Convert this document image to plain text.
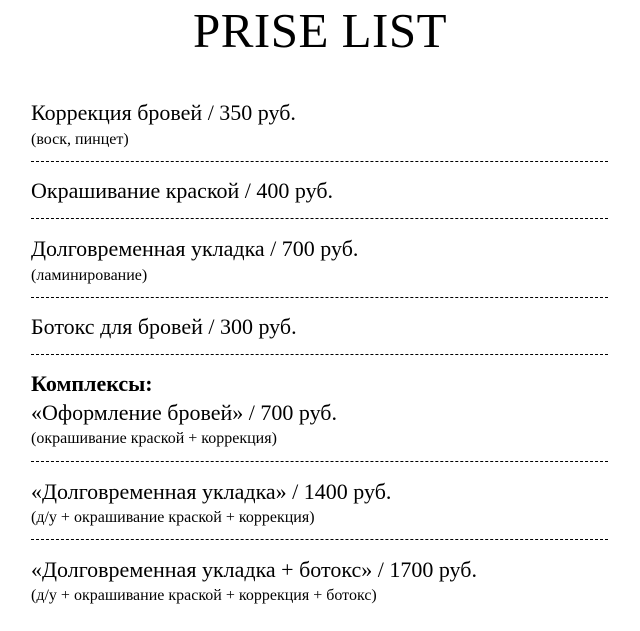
PRISE LIST
Коррекция бровей / 350 руб.
(воск, пинцет)
Окрашивание краской / 400 руб.
Долговременная укладка / 700 руб.
(ламинирование)
Ботокс для бровей / 300 руб.
Комплексы:
«Оформление бровей» / 700 руб.
(окрашивание краской + коррекция)
«Долговременная укладка» / 1400 руб.
(д/у + окрашивание краской + коррекция)
«Долговременная укладка + ботокс» / 1700 руб.
(д/у + окрашивание краской + коррекция + ботокс)
